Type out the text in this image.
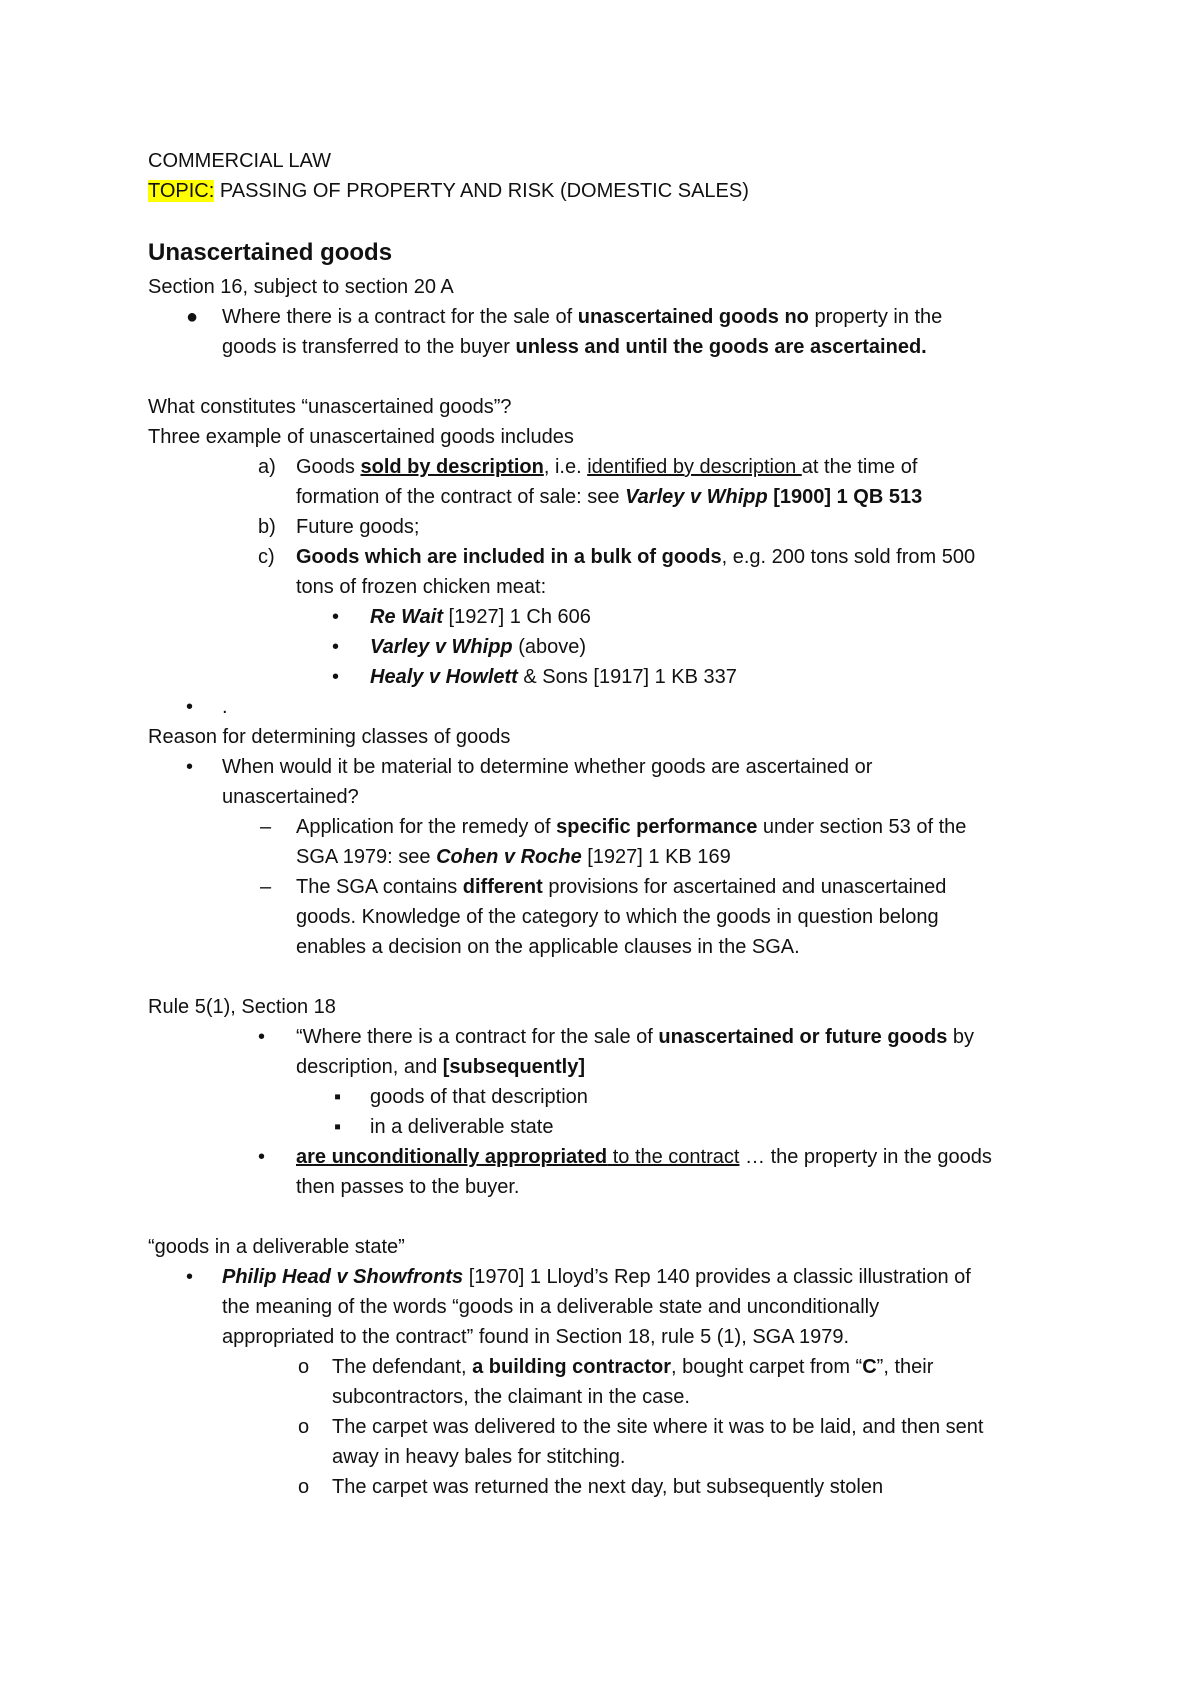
COMMERCIAL LAW
TOPIC: PASSING OF PROPERTY AND RISK (DOMESTIC SALES)
Unascertained goods
Section 16, subject to section 20 A
● Where there is a contract for the sale of unascertained goods no property in the
goods is transferred to the buyer unless and until the goods are ascertained.
What constitutes “unascertained goods”?
Three example of unascertained goods includes
a) Goods sold by description, i.e. identified by description at the time of
formation of the contract of sale: see Varley v Whipp [1900] 1 QB 513
b) Future goods;
c) Goods which are included in a bulk of goods, e.g. 200 tons sold from 500
tons of frozen chicken meat:
• Re Wait [1927] 1 Ch 606
• Varley v Whipp (above)
• Healy v Howlett & Sons [1917] 1 KB 337
• .
Reason for determining classes of goods
• When would it be material to determine whether goods are ascertained or
unascertained?
– Application for the remedy of specific performance under section 53 of the
SGA 1979: see Cohen v Roche [1927] 1 KB 169
– The SGA contains different provisions for ascertained and unascertained
goods. Knowledge of the category to which the goods in question belong
enables a decision on the applicable clauses in the SGA.
Rule 5(1), Section 18
• “Where there is a contract for the sale of unascertained or future goods by
description, and [subsequently]
▪ goods of that description
▪ in a deliverable state
• are unconditionally appropriated to the contract … the property in the goods
then passes to the buyer.
“goods in a deliverable state”
• Philip Head v Showfronts [1970] 1 Lloyd’s Rep 140 provides a classic illustration of
the meaning of the words “goods in a deliverable state and unconditionally
appropriated to the contract” found in Section 18, rule 5 (1), SGA 1979.
o The defendant, a building contractor, bought carpet from “C”, their
subcontractors, the claimant in the case.
o The carpet was delivered to the site where it was to be laid, and then sent
away in heavy bales for stitching.
o The carpet was returned the next day, but subsequently stolen
